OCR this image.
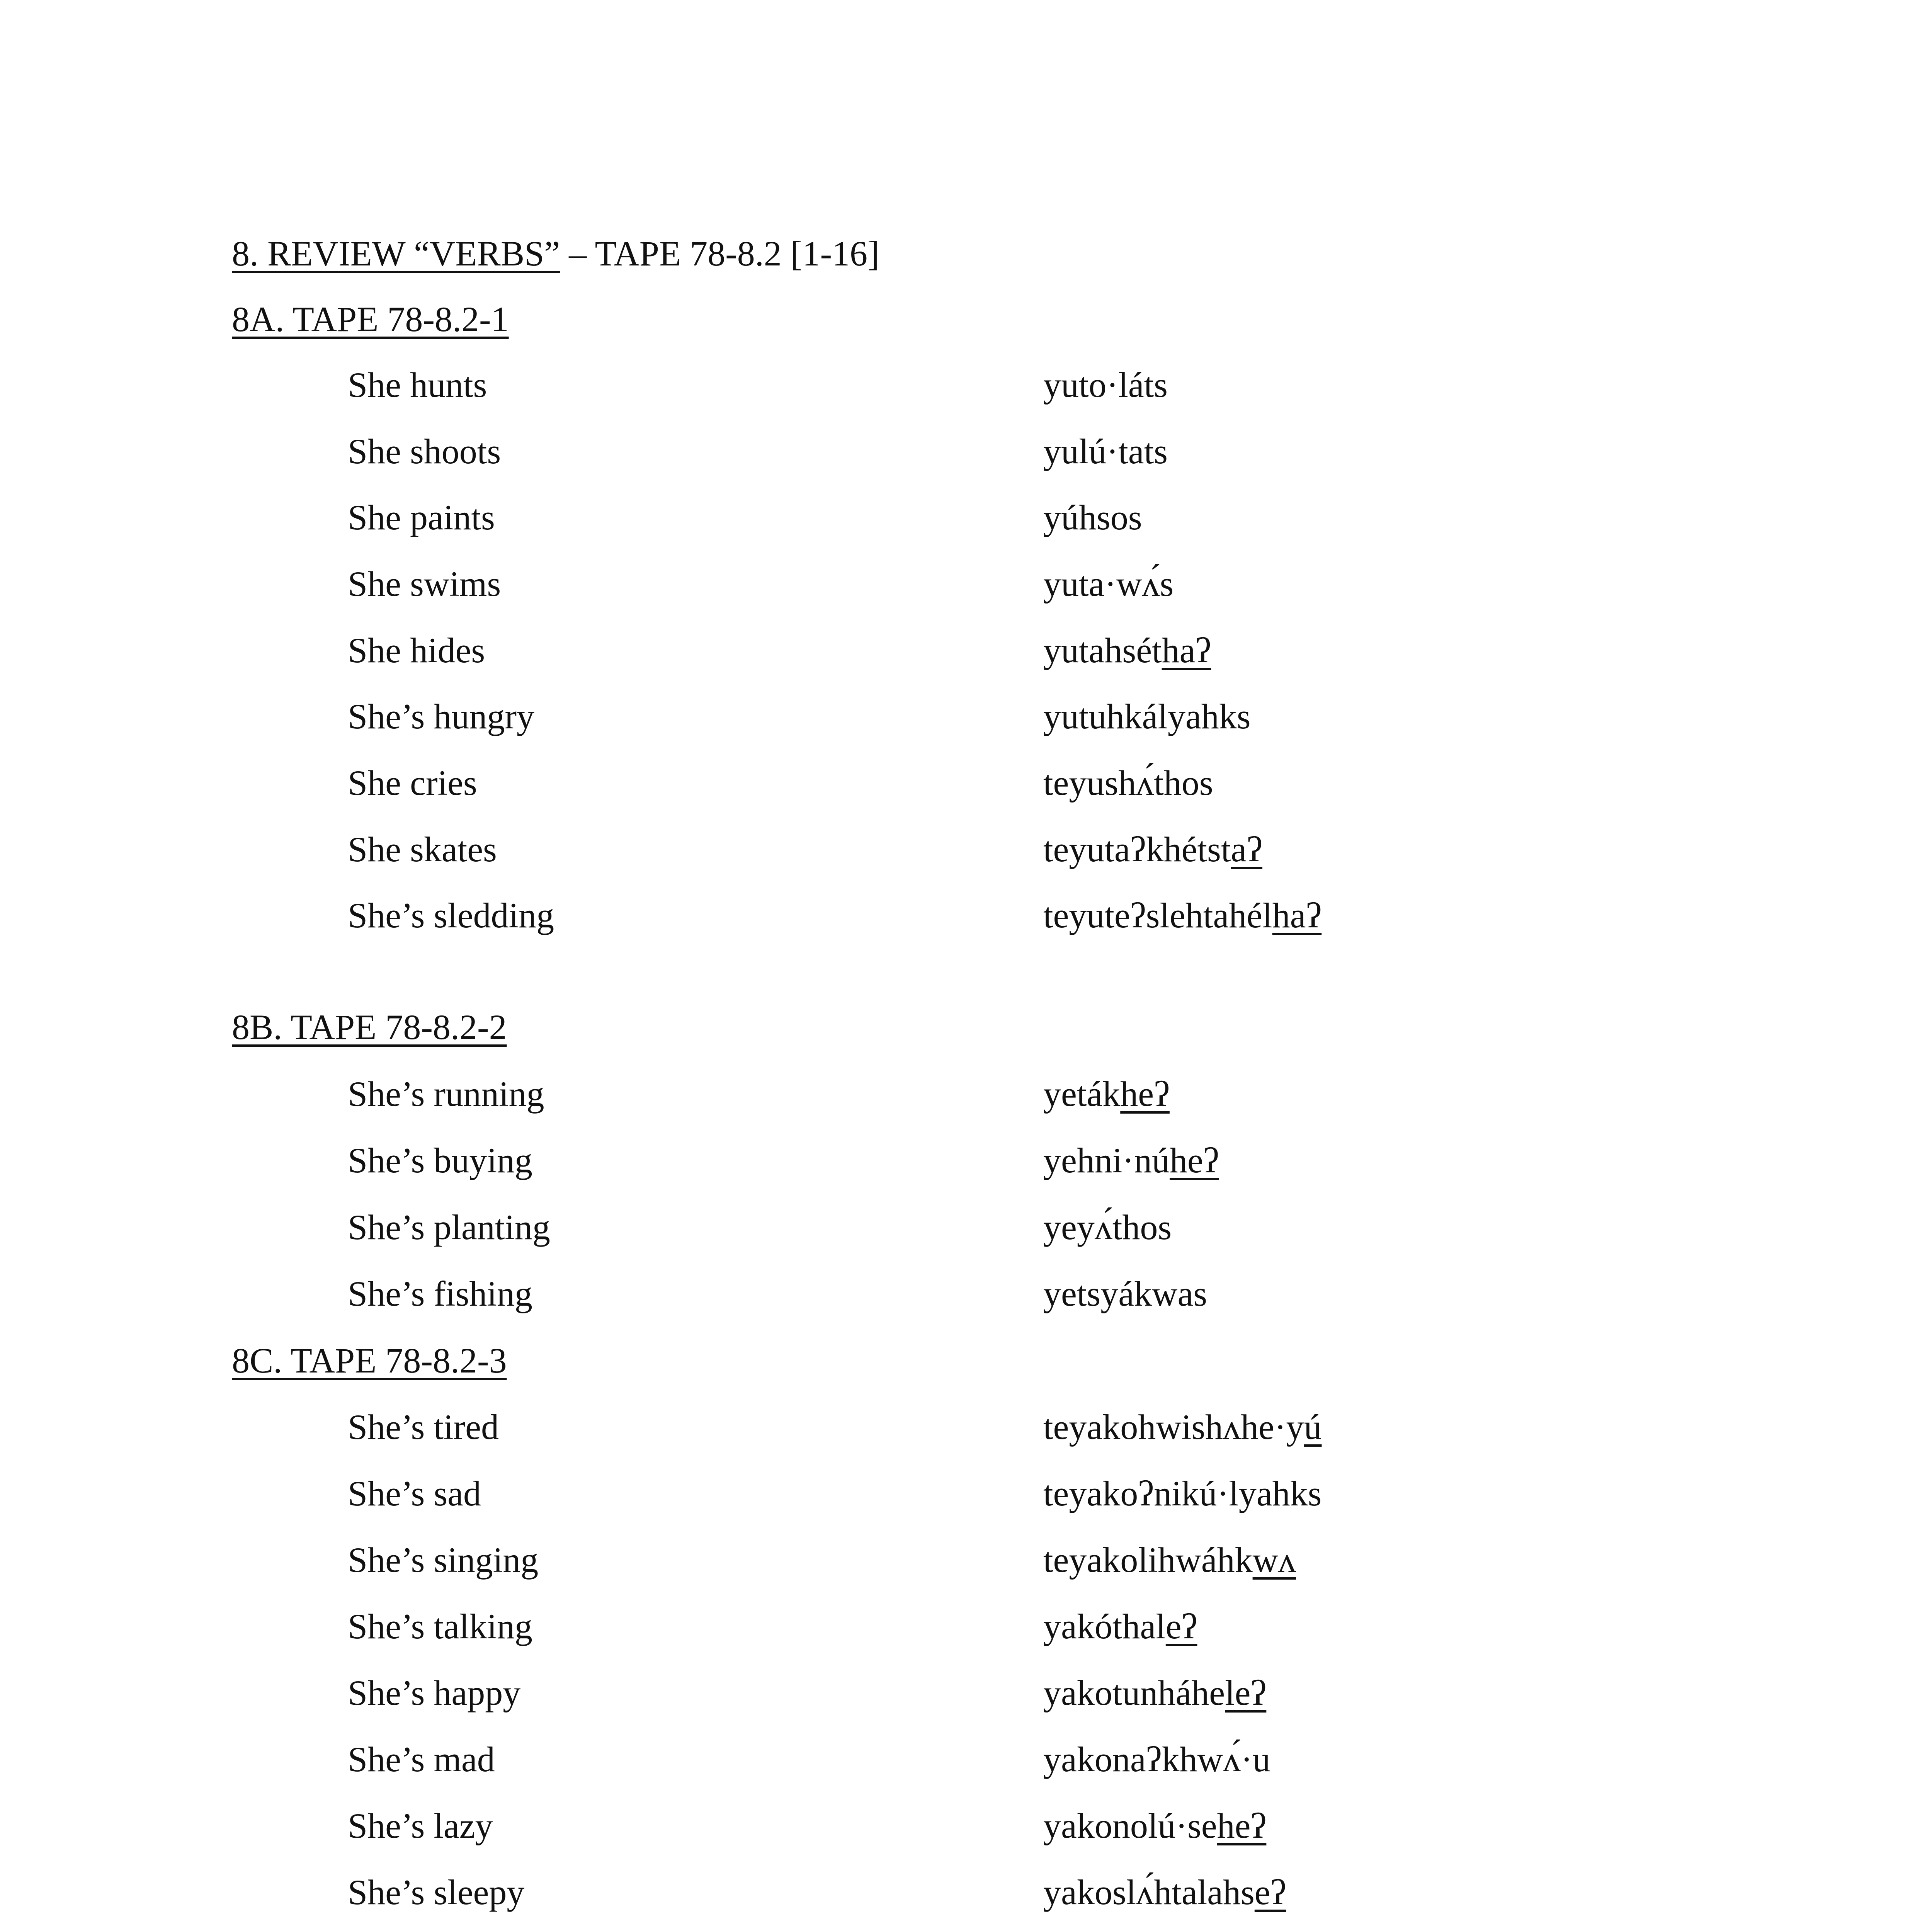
8. REVIEW “VERBS” – TAPE 78-8.2 [1-16]
8A. TAPE 78-8.2-1
She hunts	yuto·láts
She shoots	yulú·tats
She paints	yúhsos
She swims	yuta·wʌ́s
She hides	yutahséthaʔ
She’s hungry	yutuhkályahks
She cries	teyushʌ́thos
She skates	teyutaʔkhétstaʔ
She’s sledding	teyuteʔslehtahélhaʔ
8B. TAPE 78-8.2-2
She’s running	yetákheʔ
She’s buying	yehni·núheʔ
She’s planting	yeyʌ́thos
She’s fishing	yetsyákwas
8C. TAPE 78-8.2-3
She’s tired	teyakohwishʌhe·yú
She’s sad	teyakoʔnikú·lyahks
She’s singing	teyakolihwáhkwʌ
She’s talking	yakóthaleʔ
She’s happy	yakotunháheleʔ
She’s mad	yakonaʔkhwʌ́·u
She’s lazy	yakonolú·seheʔ
She’s sleepy	yakoslʌ́htalahseʔ
